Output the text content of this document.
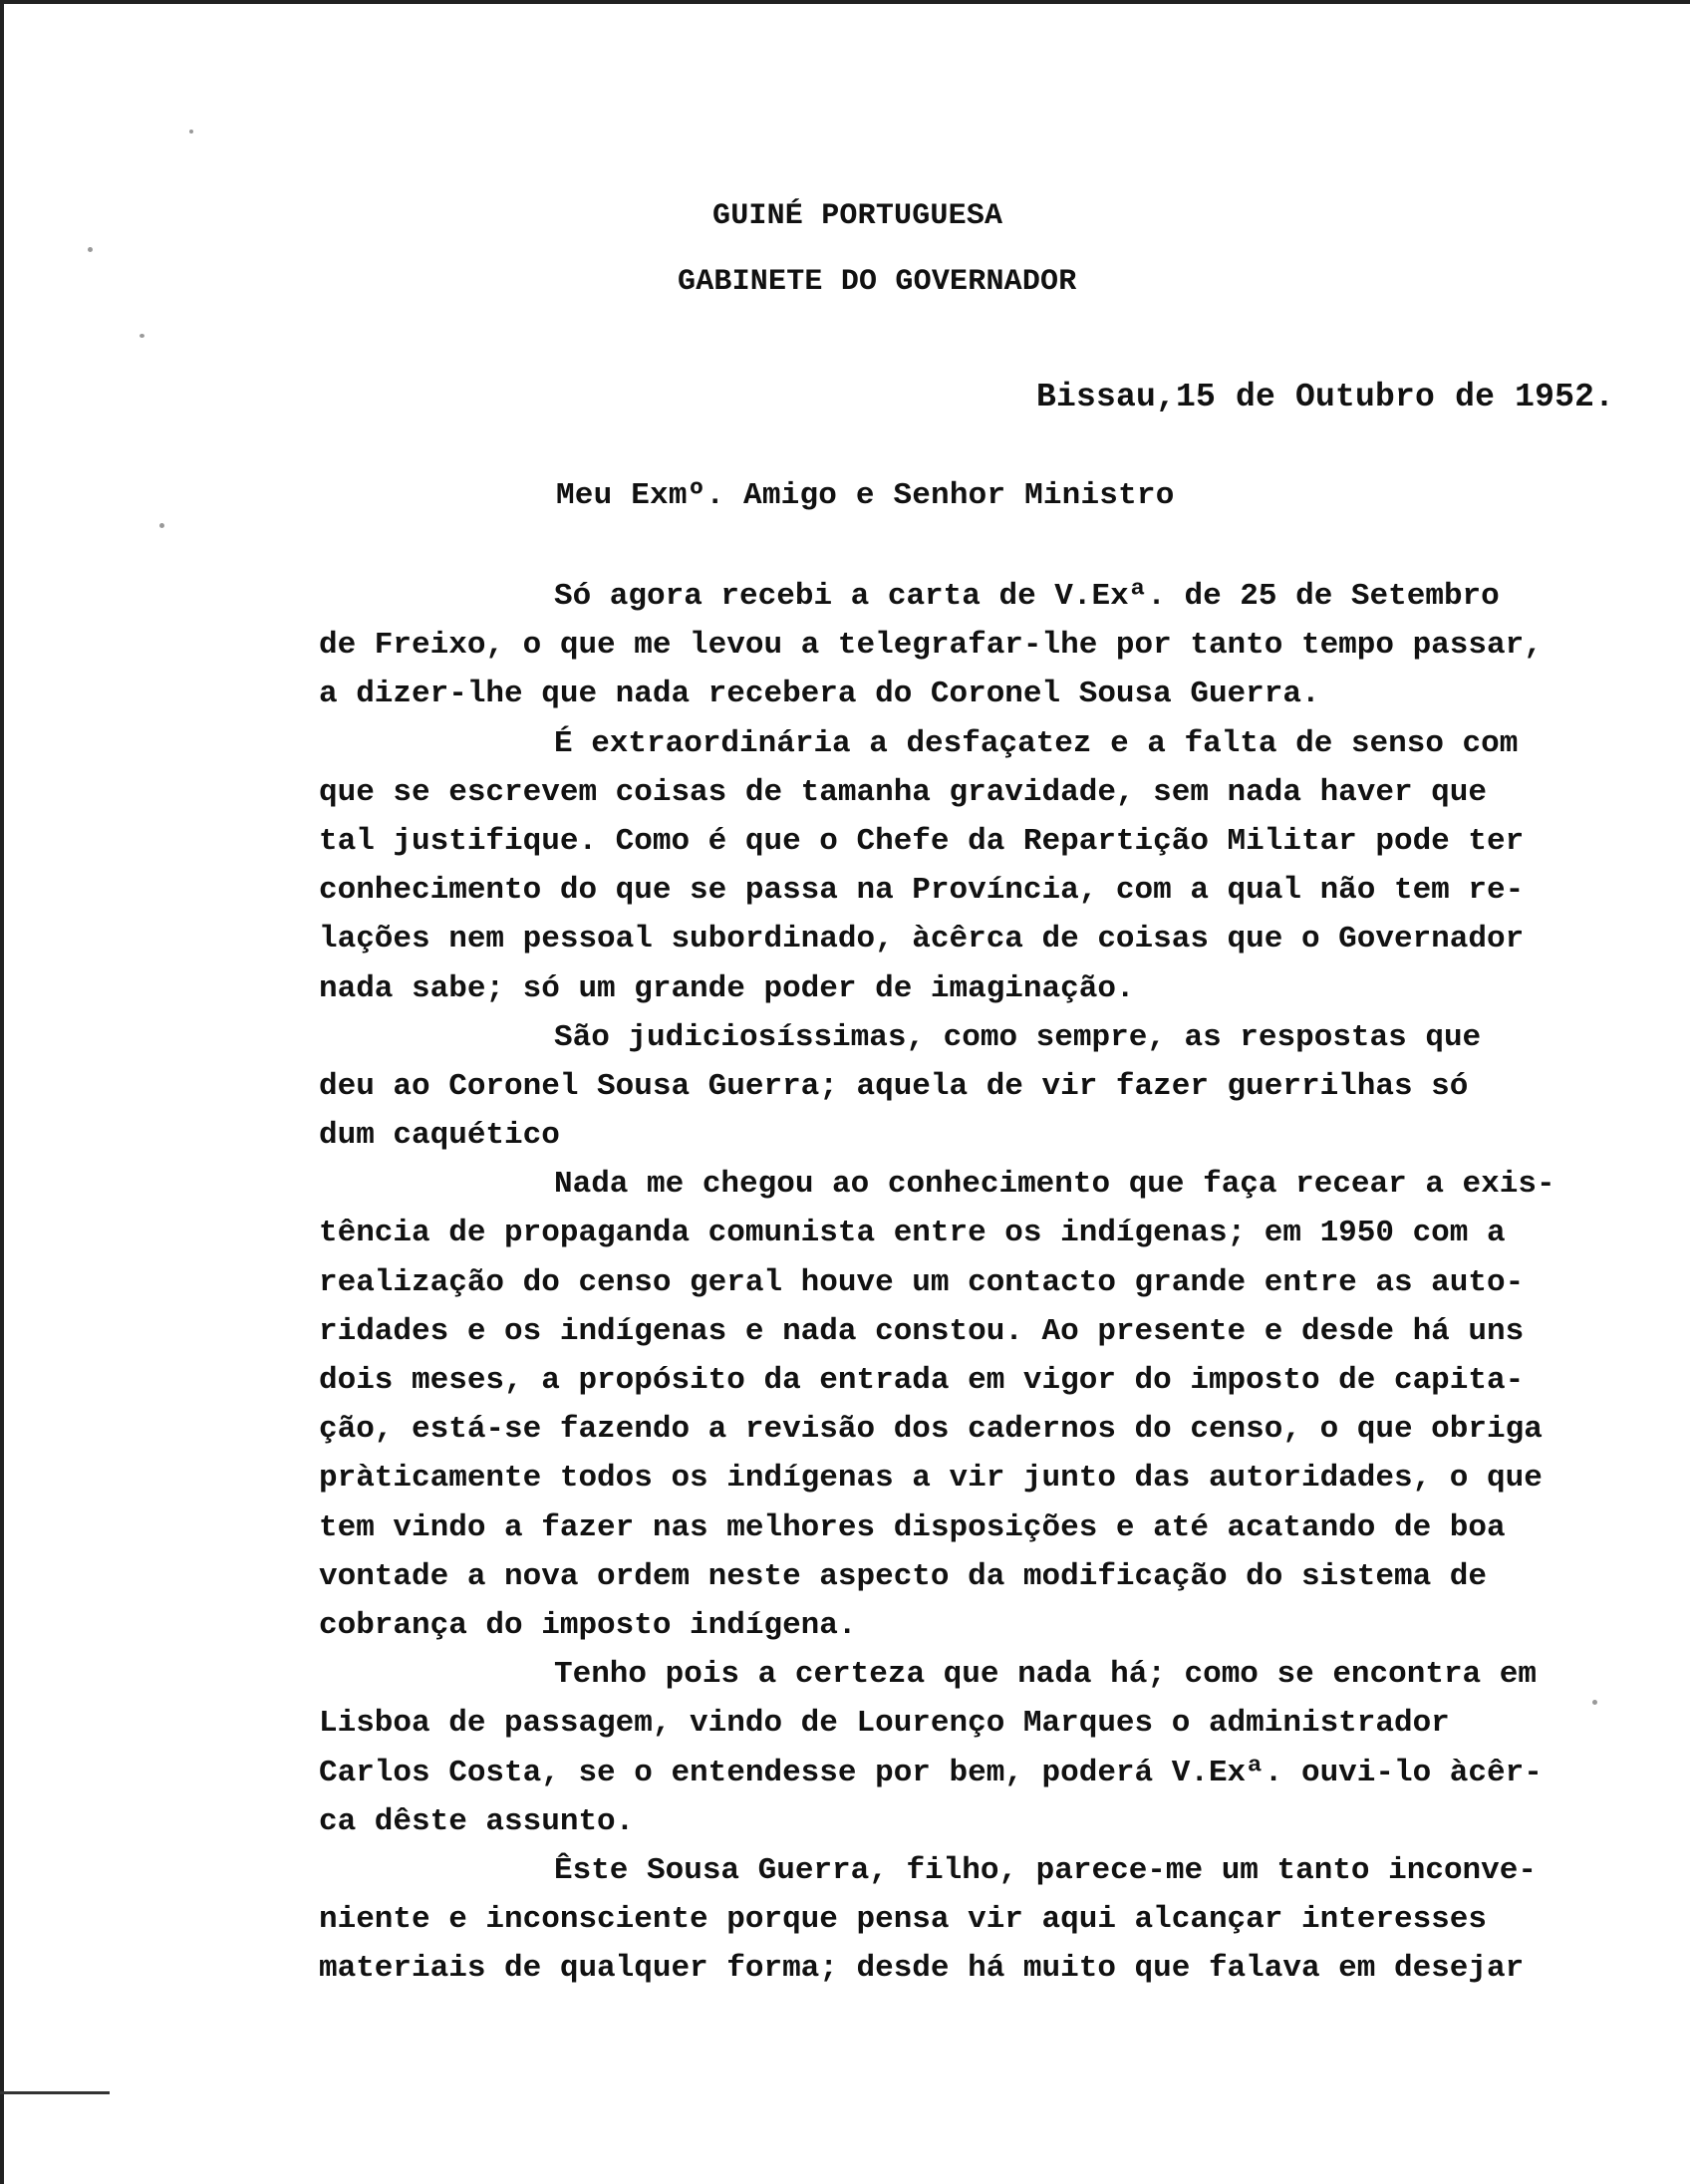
GUINÉ PORTUGUESA
GABINETE DO GOVERNADOR
Bissau,15 de Outubro de 1952.
Meu Exmº. Amigo e Senhor Ministro
Só agora recebi a carta de V.Exª. de 25 de Setembro
de Freixo, o que me levou a telegrafar-lhe por tanto tempo passar,
a dizer-lhe que nada recebera do Coronel Sousa Guerra.
É extraordinária a desfaçatez e a falta de senso com
que se escrevem coisas de tamanha gravidade, sem nada haver que
tal justifique. Como é que o Chefe da Repartição Militar pode ter
conhecimento do que se passa na Província, com a qual não tem re-
lações nem pessoal subordinado, àcêrca de coisas que o Governador
nada sabe; só um grande poder de imaginação.
São judiciosíssimas, como sempre, as respostas que
deu ao Coronel Sousa Guerra; aquela de vir fazer guerrilhas só
dum caquético
Nada me chegou ao conhecimento que faça recear a exis-
tência de propaganda comunista entre os indígenas; em 1950 com a
realização do censo geral houve um contacto grande entre as auto-
ridades e os indígenas e nada constou. Ao presente e desde há uns
dois meses, a propósito da entrada em vigor do imposto de capita-
ção, está-se fazendo a revisão dos cadernos do censo, o que obriga
pràticamente todos os indígenas a vir junto das autoridades, o que
tem vindo a fazer nas melhores disposições e até acatando de boa
vontade a nova ordem neste aspecto da modificação do sistema de
cobrança do imposto indígena.
Tenho pois a certeza que nada há; como se encontra em
Lisboa de passagem, vindo de Lourenço Marques o administrador
Carlos Costa, se o entendesse por bem, poderá V.Exª. ouvi-lo àcêr-
ca dêste assunto.
Êste Sousa Guerra, filho, parece-me um tanto inconve-
niente e inconsciente porque pensa vir aqui alcançar interesses
materiais de qualquer forma; desde há muito que falava em desejar
